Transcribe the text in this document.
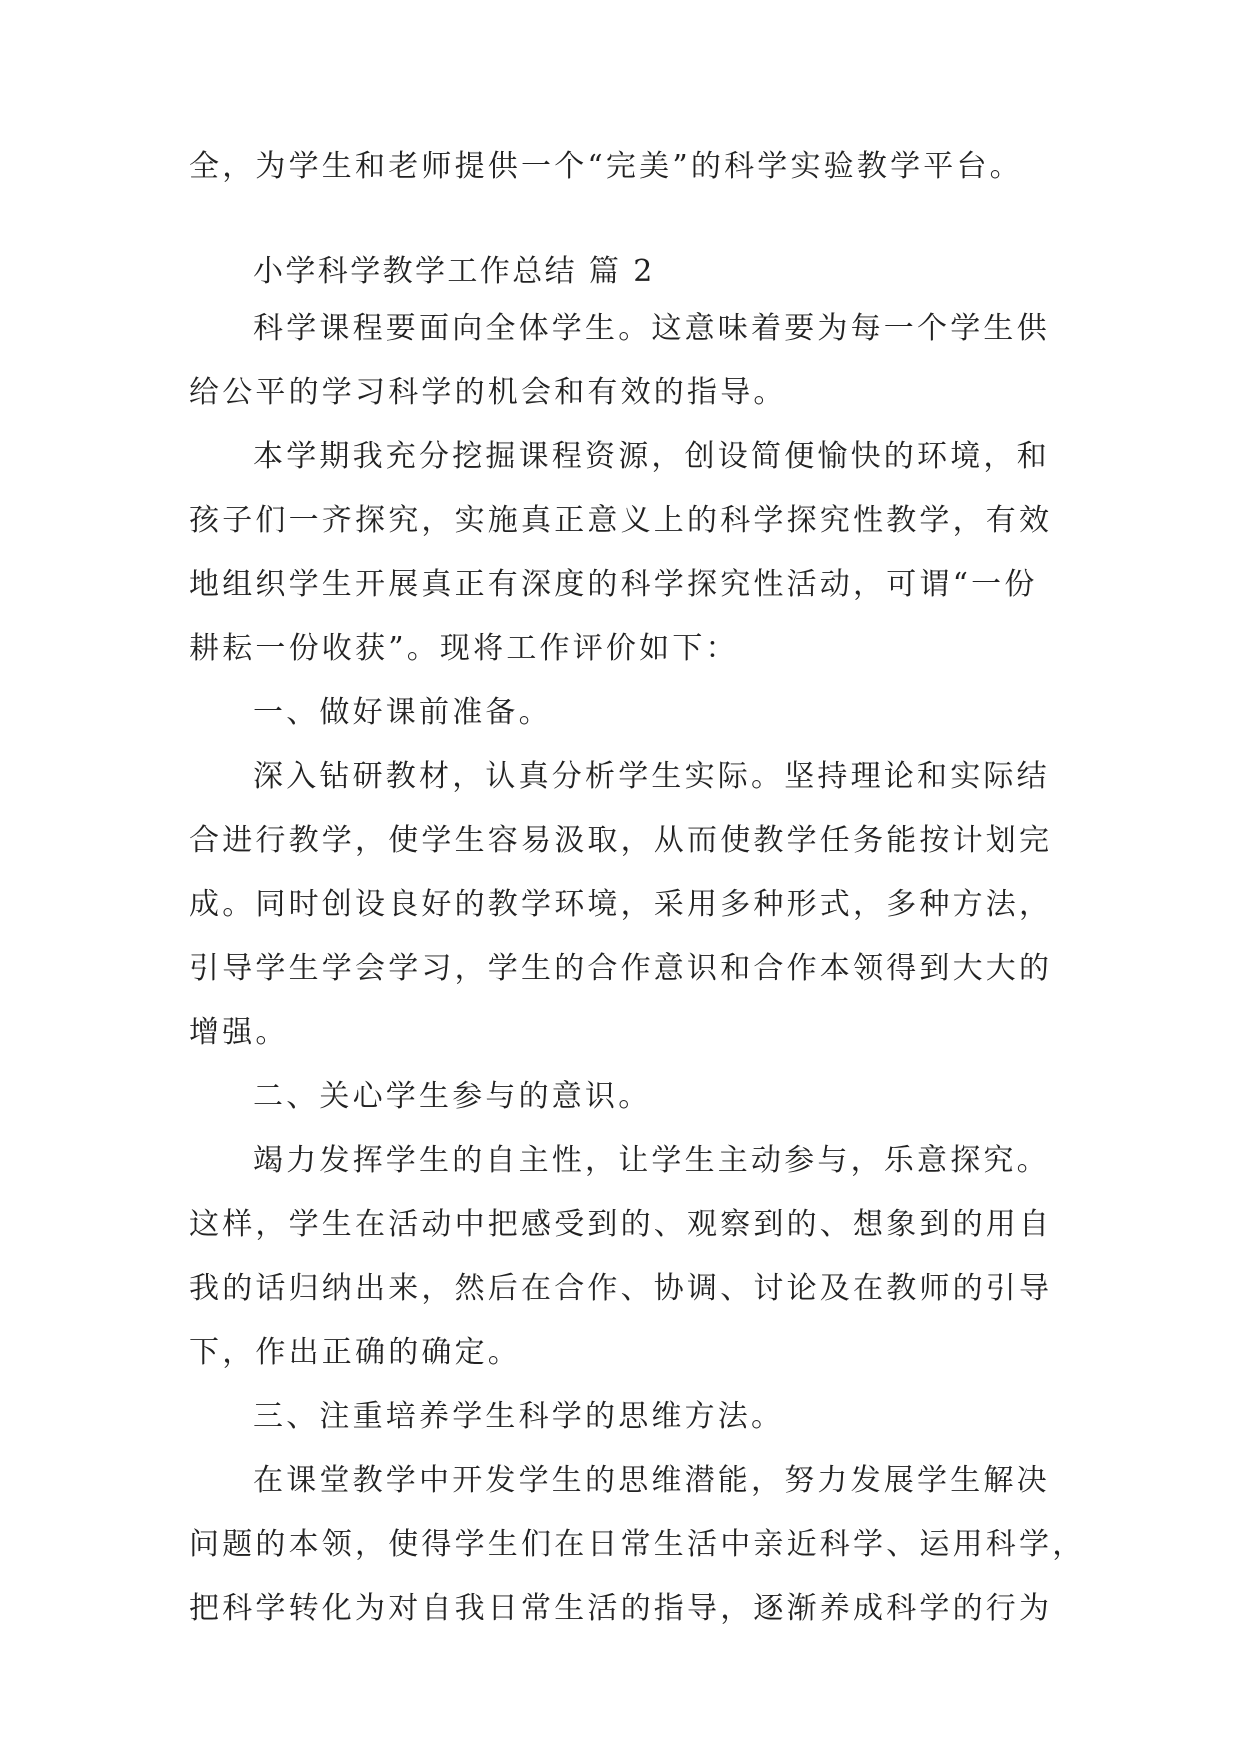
全，为学生和老师提供一个“完美”的科学实验教学平台。
小学科学教学工作总结 篇 2
科学课程要面向全体学生。这意味着要为每一个学生供
给公平的学习科学的机会和有效的指导。
本学期我充分挖掘课程资源，创设简便愉快的环境，和
孩子们一齐探究，实施真正意义上的科学探究性教学，有效
地组织学生开展真正有深度的科学探究性活动，可谓“一份
耕耘一份收获”。现将工作评价如下：
一、做好课前准备。
深入钻研教材，认真分析学生实际。坚持理论和实际结
合进行教学，使学生容易汲取，从而使教学任务能按计划完
成。同时创设良好的教学环境，采用多种形式，多种方法，
引导学生学会学习，学生的合作意识和合作本领得到大大的
增强。
二、关心学生参与的意识。
竭力发挥学生的自主性，让学生主动参与，乐意探究。
这样，学生在活动中把感受到的、观察到的、想象到的用自
我的话归纳出来，然后在合作、协调、讨论及在教师的引导
下，作出正确的确定。
三、注重培养学生科学的思维方法。
在课堂教学中开发学生的思维潜能，努力发展学生解决
问题的本领，使得学生们在日常生活中亲近科学、运用科学，
把科学转化为对自我日常生活的指导，逐渐养成科学的行为
